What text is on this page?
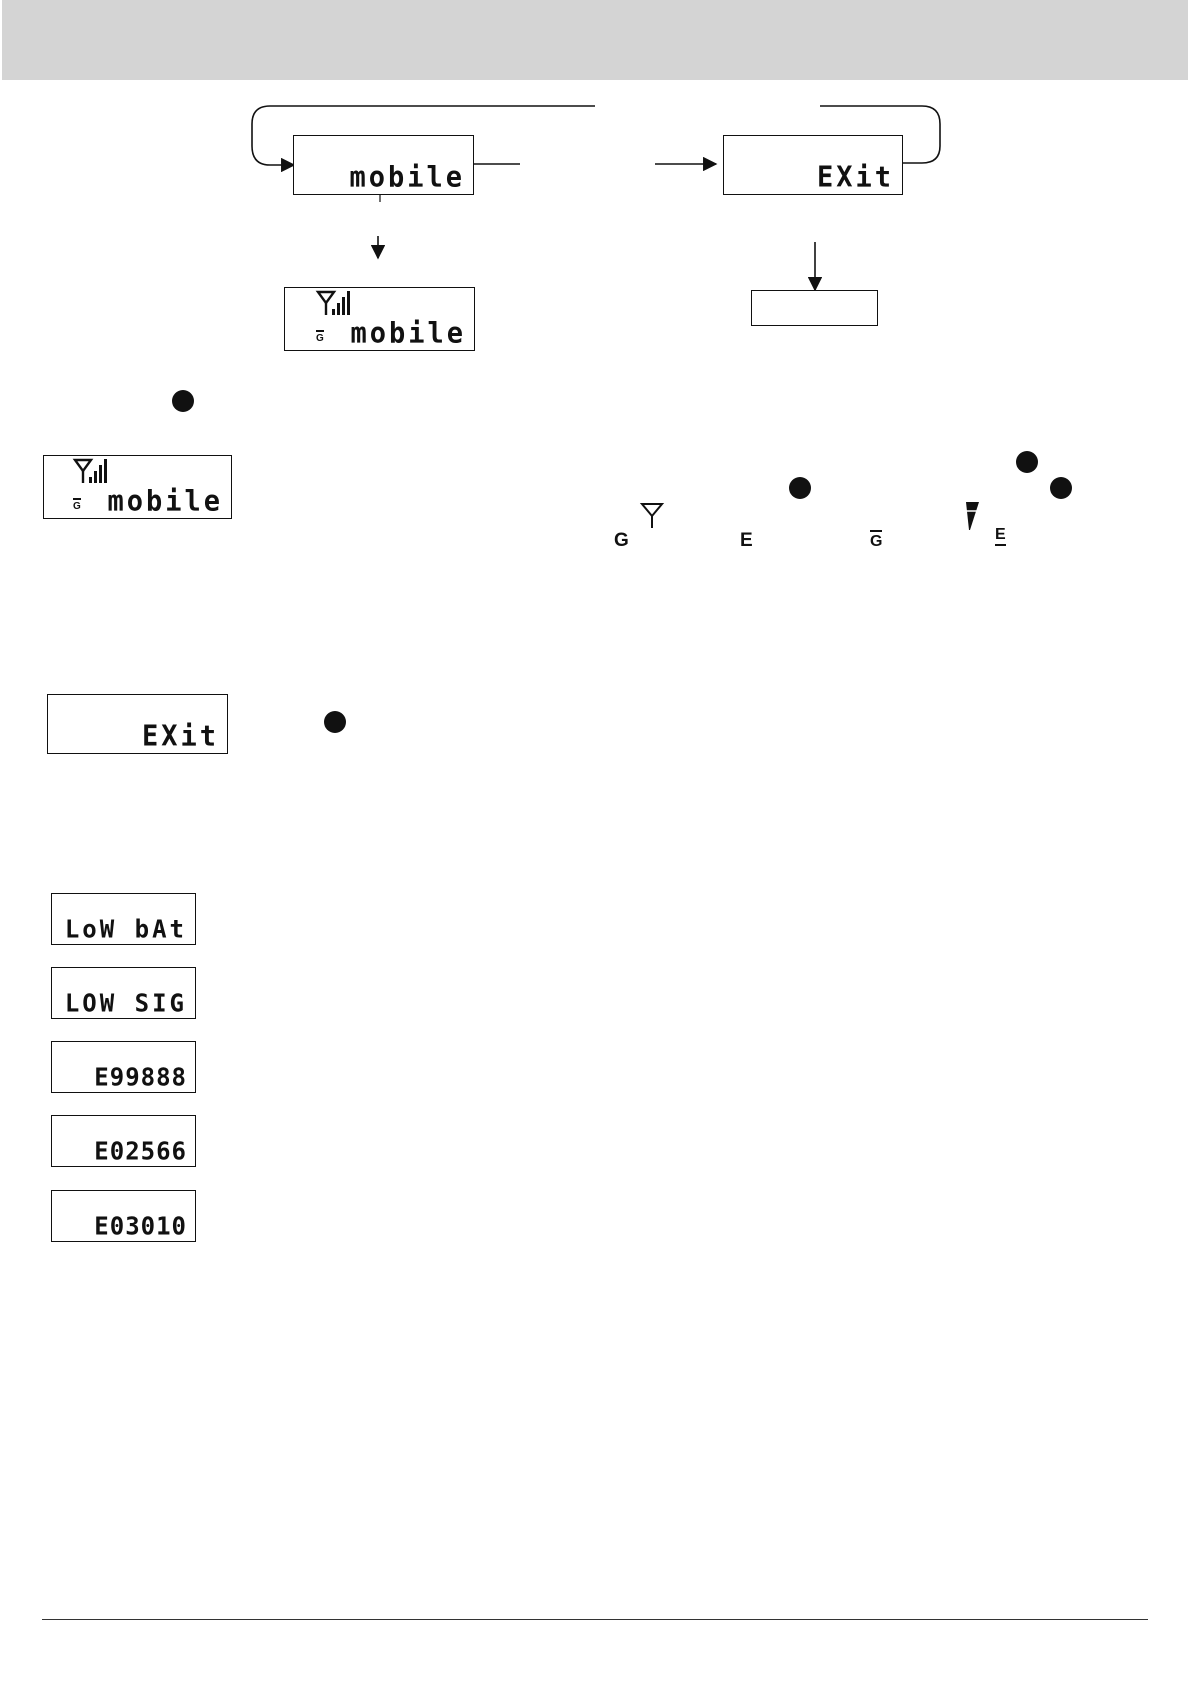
mobile	EXit
G mobile
G mobile
G	E	G	E
EXit
LoW bAt
LOW SIG
E99888
E02566
E03010
